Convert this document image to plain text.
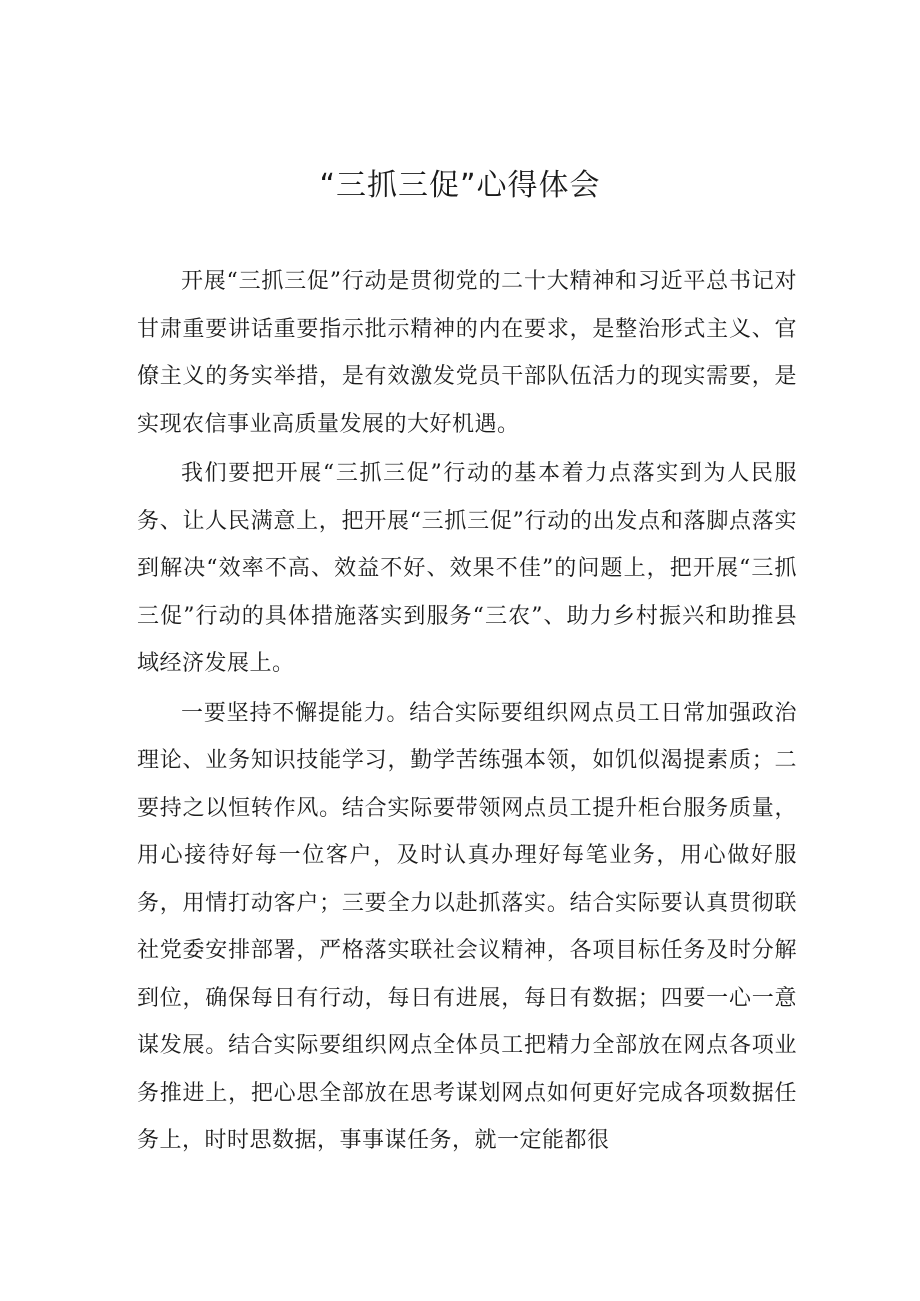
“三抓三促”心得体会

开展“三抓三促”行动是贯彻党的二十大精神和习近平总书记对甘肃重要讲话重要指示批示精神的内在要求，是整治形式主义、官僚主义的务实举措，是有效激发党员干部队伍活力的现实需要，是实现农信事业高质量发展的大好机遇。

我们要把开展“三抓三促”行动的基本着力点落实到为人民服务、让人民满意上，把开展“三抓三促”行动的出发点和落脚点落实到解决“效率不高、效益不好、效果不佳”的问题上，把开展“三抓三促”行动的具体措施落实到服务“三农”、助力乡村振兴和助推县域经济发展上。

一要坚持不懈提能力。结合实际要组织网点员工日常加强政治理论、业务知识技能学习，勤学苦练强本领，如饥似渴提素质；二要持之以恒转作风。结合实际要带领网点员工提升柜台服务质量，用心接待好每一位客户，及时认真办理好每笔业务，用心做好服务，用情打动客户；三要全力以赴抓落实。结合实际要认真贯彻联社党委安排部署，严格落实联社会议精神，各项目标任务及时分解到位，确保每日有行动，每日有进展，每日有数据；四要一心一意谋发展。结合实际要组织网点全体员工把精力全部放在网点各项业务推进上，把心思全部放在思考谋划网点如何更好完成各项数据任务上，时时思数据，事事谋任务，就一定能都很
